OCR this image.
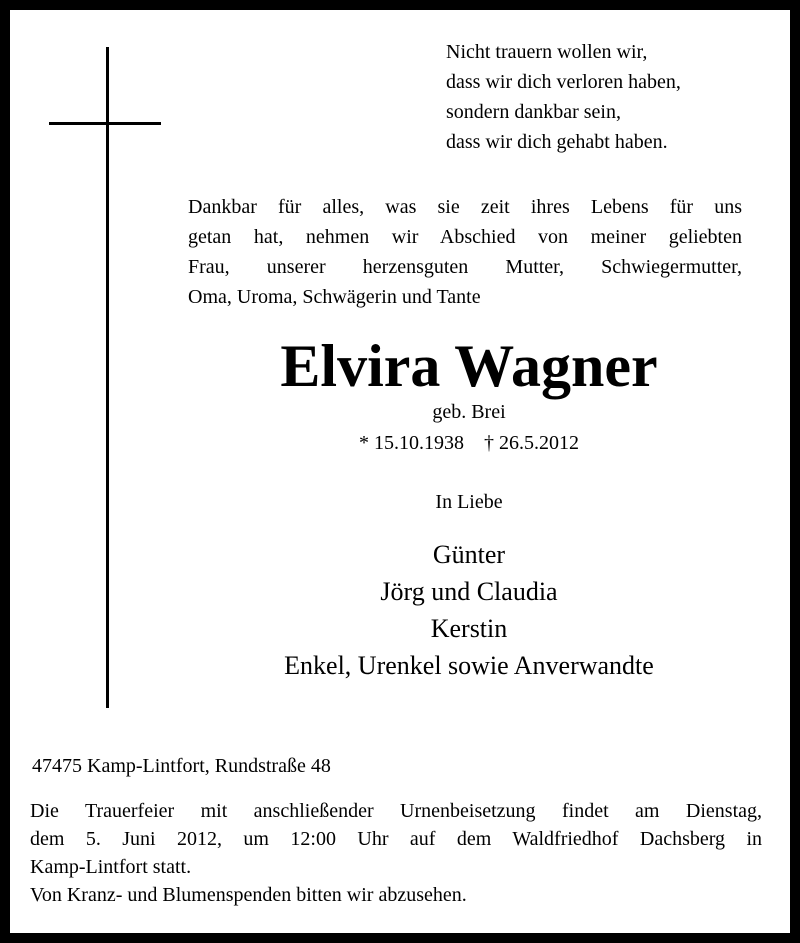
Nicht trauern wollen wir,
dass wir dich verloren haben,
sondern dankbar sein,
dass wir dich gehabt haben.
Dankbar für alles, was sie zeit ihres Lebens für uns
getan hat, nehmen wir Abschied von meiner geliebten
Frau, unserer herzensguten Mutter, Schwiegermutter,
Oma, Uroma, Schwägerin und Tante
Elvira Wagner
geb. Brei
* 15.10.1938 † 26.5.2012
In Liebe
Günter
Jörg und Claudia
Kerstin
Enkel, Urenkel sowie Anverwandte
47475 Kamp-Lintfort, Rundstraße 48
Die Trauerfeier mit anschließender Urnenbeisetzung findet am Dienstag,
dem 5. Juni 2012, um 12:00 Uhr auf dem Waldfriedhof Dachsberg in
Kamp-Lintfort statt.
Von Kranz- und Blumenspenden bitten wir abzusehen.
